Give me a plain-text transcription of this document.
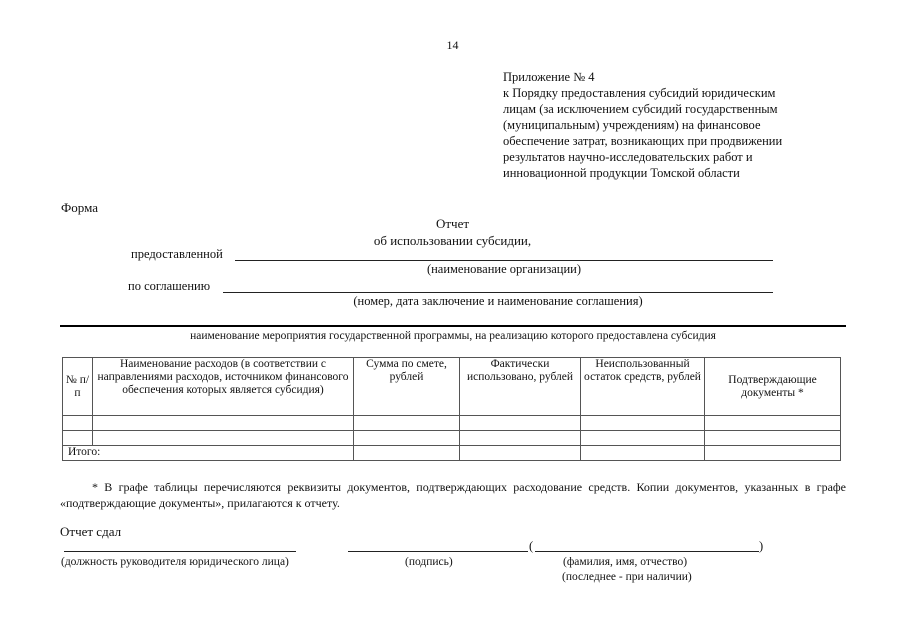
14
Приложение № 4
к Порядку предоставления субсидий юридическим
лицам (за исключением субсидий государственным
(муниципальным) учреждениям) на финансовое
обеспечение затрат, возникающих при продвижении
результатов научно-исследовательских работ и
инновационной продукции Томской области
Форма
Отчет
об использовании субсидии,
предоставленной
(наименование организации)
по соглашению
(номер, дата заключение и наименование соглашения)
наименование мероприятия государственной программы, на реализацию которого предоставлена субсидия
№ п/п	Наименование расходов (в соответствии с направлениями расходов, источником финансового обеспечения которых является субсидия)	Сумма по смете, рублей	Фактически использовано, рублей	Неиспользованный остаток средств, рублей	Подтверждающие документы *

Итого:					
* В графе таблицы перечисляются реквизиты документов, подтверждающих расходование средств. Копии документов, указанных в графе «подтверждающие документы», прилагаются к отчету.
Отчет сдал
(	)
(должность руководителя юридического лица)	(подпись)	(фамилия, имя, отчество)
(последнее - при наличии)
